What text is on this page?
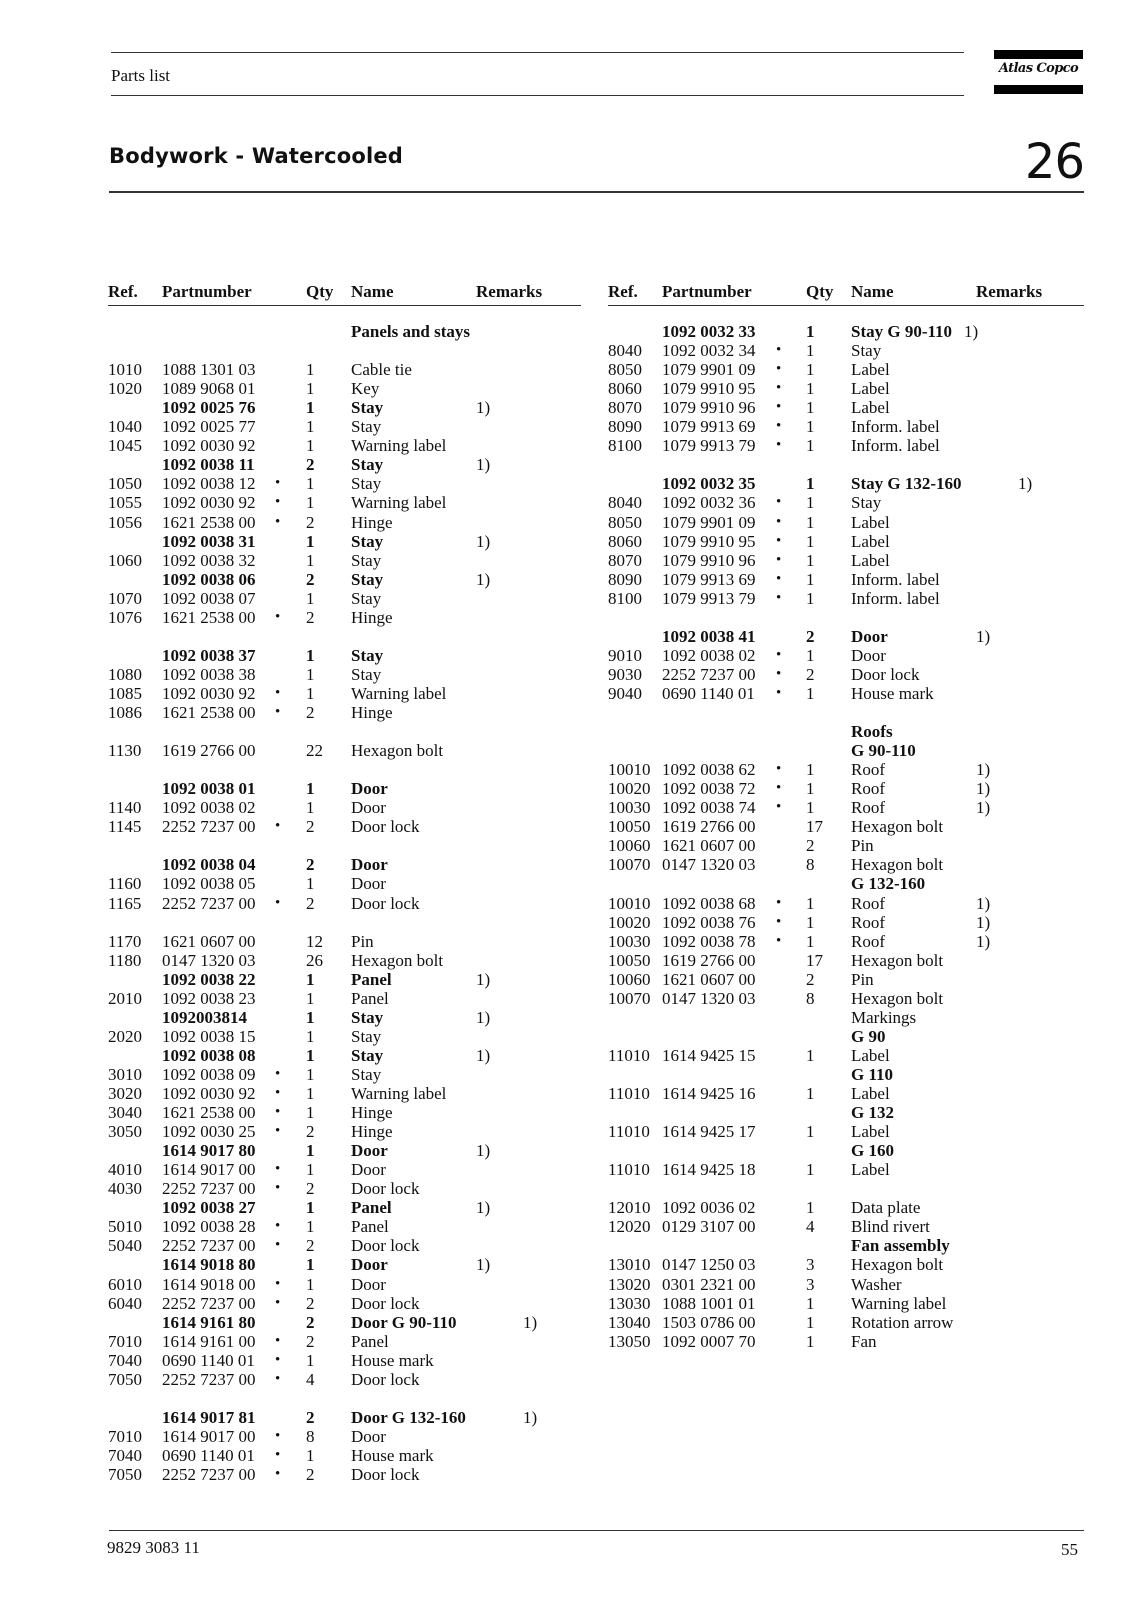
Parts list	Atlas Copco
Bodywork - Watercooled	26
Ref. Partnumber	Qty Name	Remarks	Ref. Partnumber	Qty Name	Remarks
Panels and stays
1010 1088 1301 03	1 Cable tie
1020 1089 9068 01	1 Key
1092 0025 76	1 Stay	1)
1040 1092 0025 77	1 Stay
1045 1092 0030 92	1 Warning label
1092 0038 11	2 Stay	1)
1050 1092 0038 12 • 1 Stay
1055 1092 0030 92 • 1 Warning label
1056 1621 2538 00 • 2 Hinge
1092 0038 31	1 Stay	1)
1060 1092 0038 32	1 Stay
1092 0038 06	2 Stay	1)
1070 1092 0038 07	1 Stay
1076 1621 2538 00 • 2 Hinge
1092 0038 37	1 Stay
1080 1092 0038 38	1 Stay
1085 1092 0030 92 • 1 Warning label
1086 1621 2538 00 • 2 Hinge
1130 1619 2766 00	22 Hexagon bolt
1092 0038 01	1 Door
1140 1092 0038 02	1 Door
1145 2252 7237 00 • 2 Door lock
1092 0038 04	2 Door
1160 1092 0038 05	1 Door
1165 2252 7237 00 • 2 Door lock
1170 1621 0607 00	12 Pin
1180 0147 1320 03	26 Hexagon bolt
1092 0038 22	1 Panel	1)
2010 1092 0038 23	1 Panel
1092003814	1 Stay	1)
2020 1092 0038 15	1 Stay
1092 0038 08	1 Stay	1)
3010 1092 0038 09 • 1 Stay
3020 1092 0030 92 • 1 Warning label
3040 1621 2538 00 • 1 Hinge
3050 1092 0030 25 • 2 Hinge
1614 9017 80	1 Door	1)
4010 1614 9017 00 • 1 Door
4030 2252 7237 00 • 2 Door lock
1092 0038 27	1 Panel	1)
5010 1092 0038 28 • 1 Panel
5040 2252 7237 00 • 2 Door lock
1614 9018 80	1 Door	1)
6010 1614 9018 00 • 1 Door
6040 2252 7237 00 • 2 Door lock
1614 9161 80	2 Door G 90-110	1)
7010 1614 9161 00 • 2 Panel
7040 0690 1140 01 • 1 House mark
7050 2252 7237 00 • 4 Door lock
1614 9017 81	2 Door G 132-160	1)
7010 1614 9017 00 • 8 Door
7040 0690 1140 01 • 1 House mark
7050 2252 7237 00 • 2 Door lock
1092 0032 33	1 Stay G 90-110 1)
8040 1092 0032 34 • 1 Stay
8050 1079 9901 09 • 1 Label
8060 1079 9910 95 • 1 Label
8070 1079 9910 96 • 1 Label
8090 1079 9913 69 • 1 Inform. label
8100 1079 9913 79 • 1 Inform. label
1092 0032 35	1 Stay G 132-160	1)
8040 1092 0032 36 • 1 Stay
8050 1079 9901 09 • 1 Label
8060 1079 9910 95 • 1 Label
8070 1079 9910 96 • 1 Label
8090 1079 9913 69 • 1 Inform. label
8100 1079 9913 79 • 1 Inform. label
1092 0038 41	2 Door	1)
9010 1092 0038 02 • 1 Door
9030 2252 7237 00 • 2 Door lock
9040 0690 1140 01 • 1 House mark
Roofs
G 90-110
10010 1092 0038 62 • 1 Roof	1)
10020 1092 0038 72 • 1 Roof	1)
10030 1092 0038 74 • 1 Roof	1)
10050 1619 2766 00	17 Hexagon bolt
10060 1621 0607 00	2 Pin
10070 0147 1320 03	8 Hexagon bolt
G 132-160
10010 1092 0038 68 • 1 Roof	1)
10020 1092 0038 76 • 1 Roof	1)
10030 1092 0038 78 • 1 Roof	1)
10050 1619 2766 00	17 Hexagon bolt
10060 1621 0607 00	2 Pin
10070 0147 1320 03	8 Hexagon bolt
Markings
G 90
11010 1614 9425 15	1 Label
G 110
11010 1614 9425 16	1 Label
G 132
11010 1614 9425 17	1 Label
G 160
11010 1614 9425 18	1 Label
12010 1092 0036 02	1 Data plate
12020 0129 3107 00	4 Blind rivert
Fan assembly
13010 0147 1250 03	3 Hexagon bolt
13020 0301 2321 00	3 Washer
13030 1088 1001 01	1 Warning label
13040 1503 0786 00	1 Rotation arrow
13050 1092 0007 70	1 Fan
9829 3083 11	55
